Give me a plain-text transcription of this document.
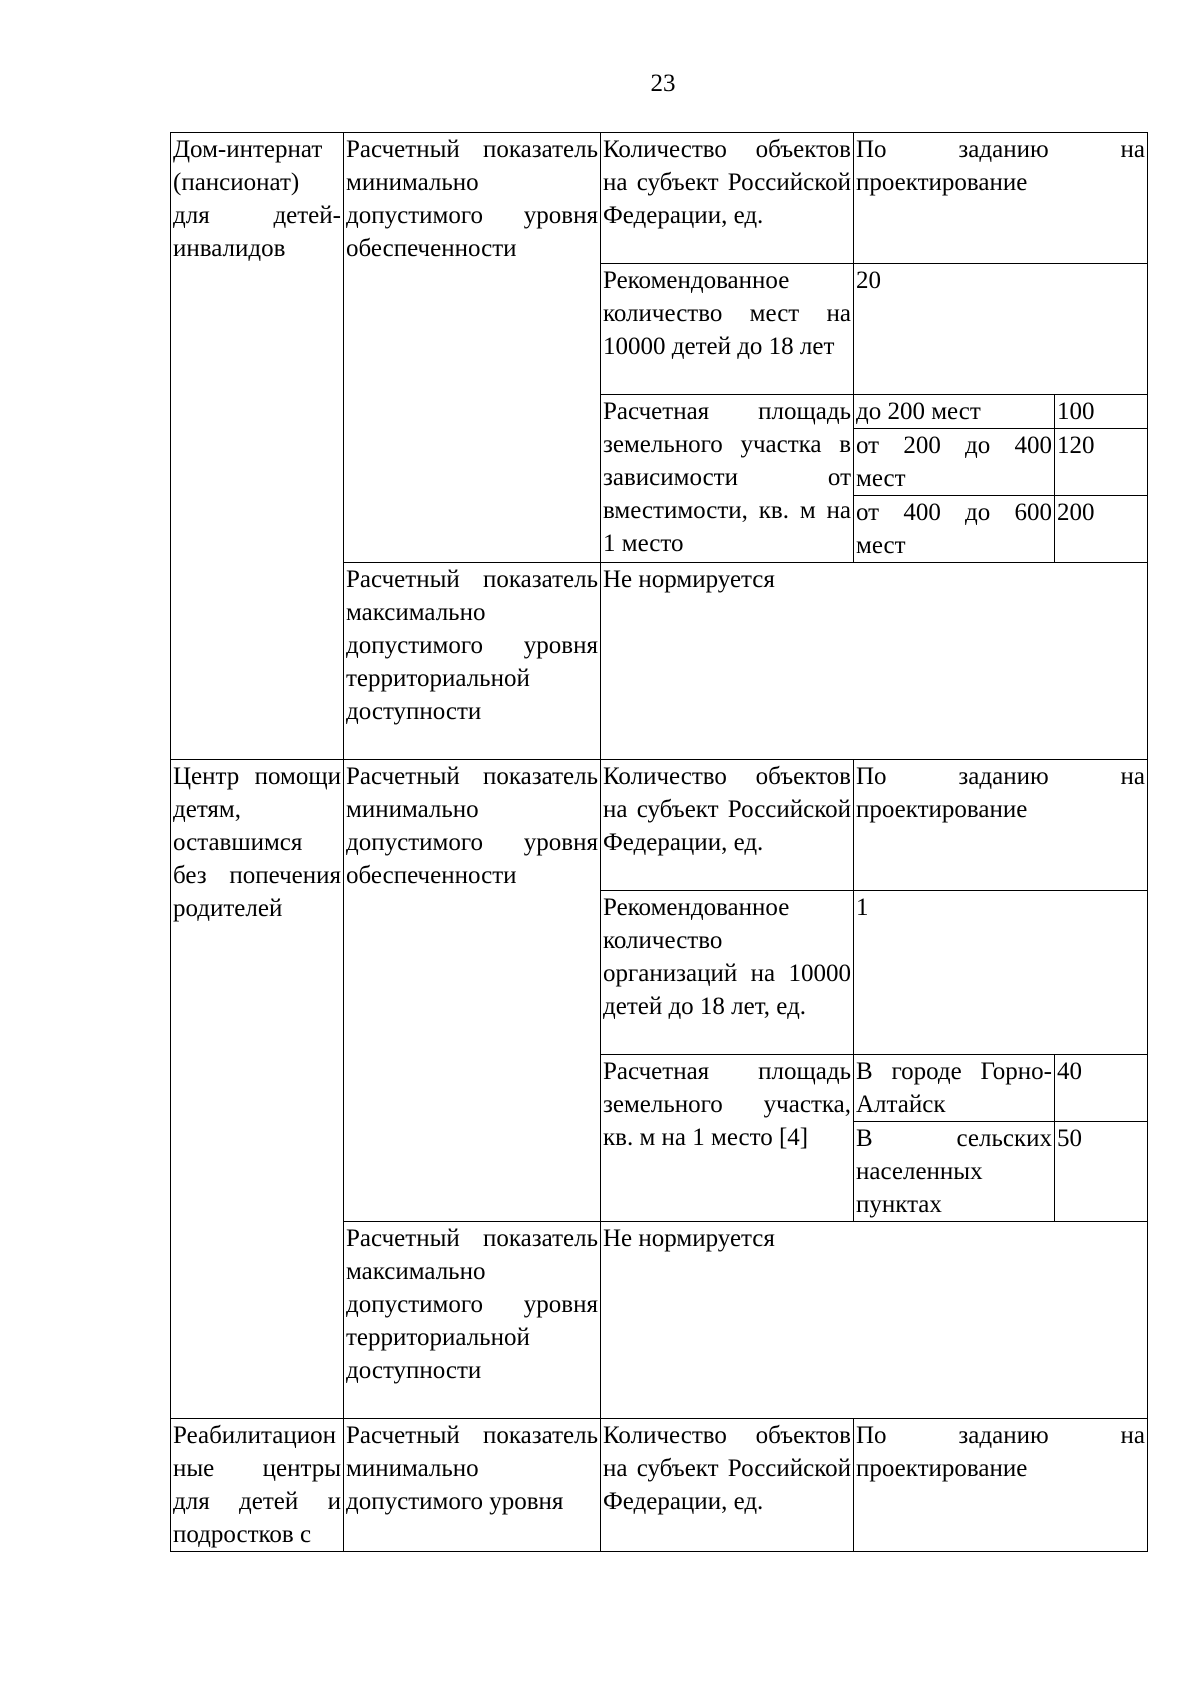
23
Дом-интернат (пансионат) для детей-инвалидов	Расчетный показатель минимально допустимого уровня обеспеченности	Количество объектов на субъект Российской Федерации, ед.	По заданию на проектирование	
		Рекомендованное количество мест на 10000 детей до 18 лет	20	
		Расчетная площадь земельного участка в зависимости от вместимости, кв. м на 1 место	до 200 мест	100
			от 200 до 400 мест	120
			от 400 до 600 мест	200
	Расчетный показатель максимально допустимого уровня территориальной доступности	Не нормируется		
Центр помощи детям, оставшимся без попечения родителей	Расчетный показатель минимально допустимого уровня обеспеченности	Количество объектов на субъект Российской Федерации, ед.	По заданию на проектирование	
		Рекомендованное количество организаций на 10000 детей до 18 лет, ед.	1	
		Расчетная площадь земельного участка, кв. м на 1 место [4]	В городе Горно-Алтайск	40
			В сельских населенных пунктах	50
	Расчетный показатель максимально допустимого уровня территориальной доступности	Не нормируется		
Реабилитационные центры для детей и подростков с	Расчетный показатель минимально допустимого уровня	Количество объектов на субъект Российской Федерации, ед.	По заданию на проектирование	
